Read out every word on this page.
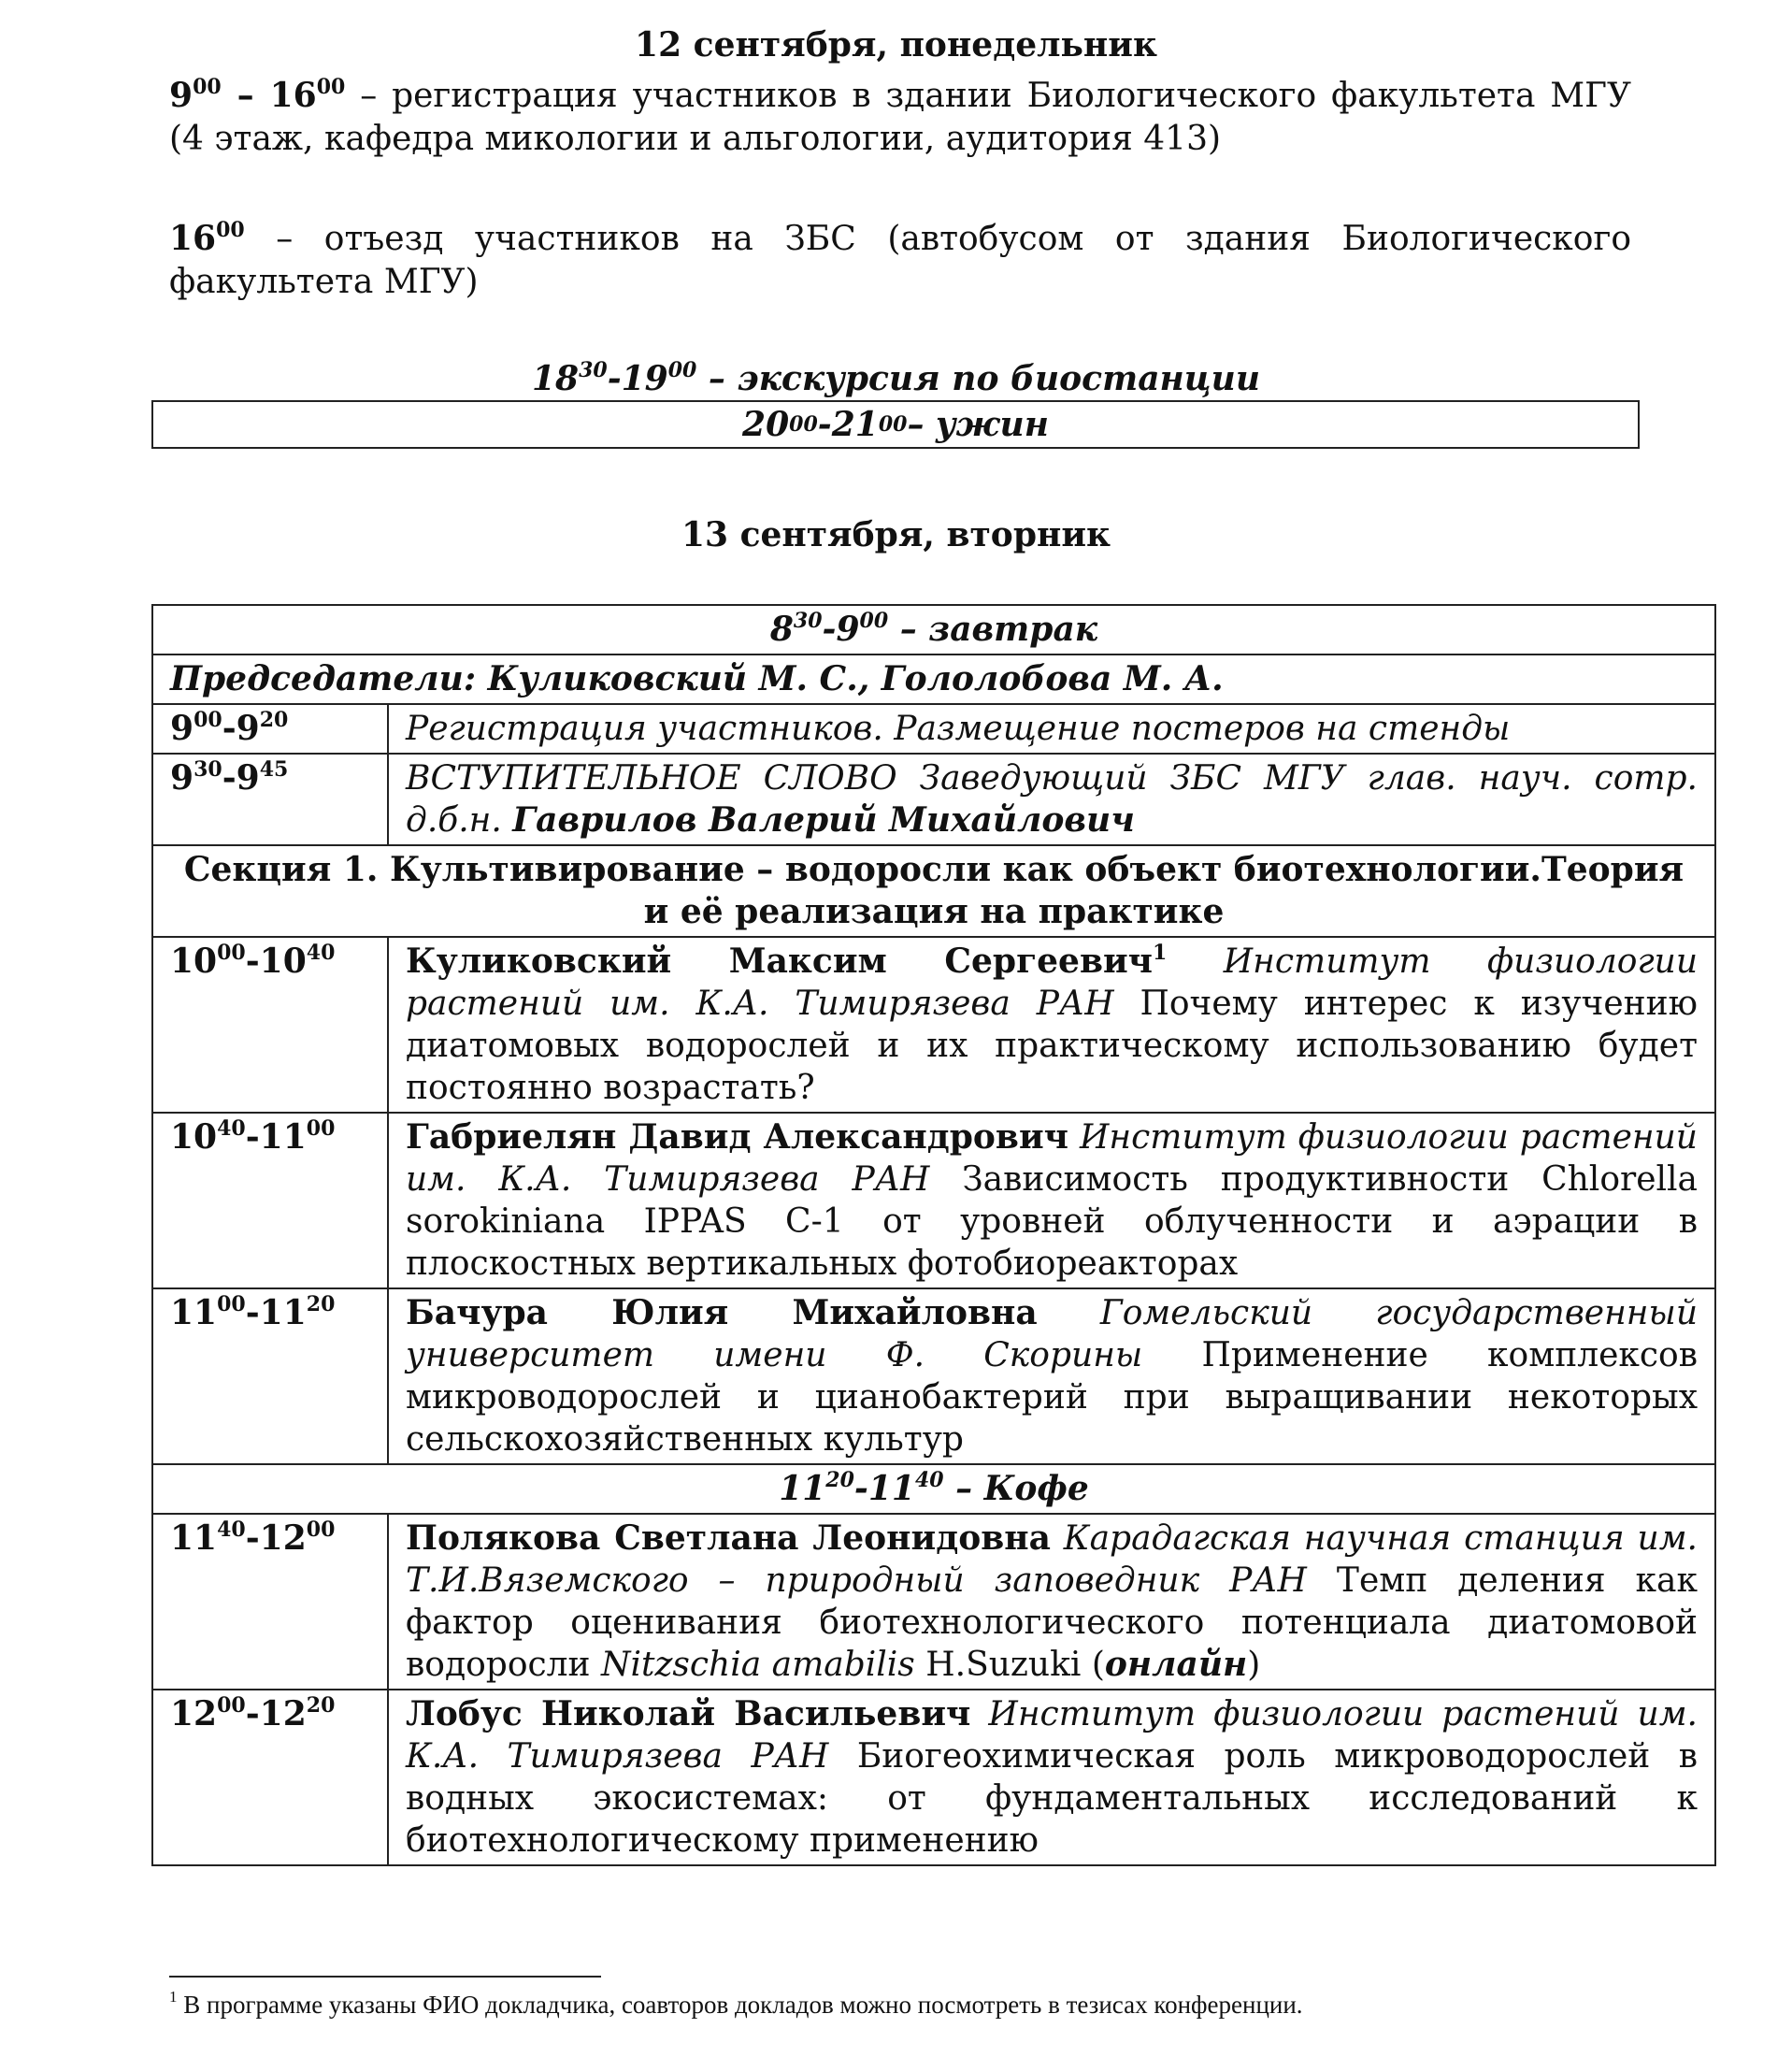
12 сентября, понедельник

$9^{00} - 16^{00}$ – регистрация участников в здании Биологического факультета МГУ (4 этаж, кафедра микологии и альгологии, аудитория 413)

$16^{00}$ – отъезд участников на ЗБС (автобусом от здания Биологического факультета МГУ)

$18^{30}-19^{00}$ – экскурсия по биостанции

20 00 -21 00 – ужин
13 сентября, вторник
$8^{30}-9^{00}$ – завтрак	
Председатели: Куликовский М. С., Гололобова М. А.	
$9^{00}-9^{20}$	Регистрация участников. Размещение постеров на стенды
$9^{30}-9^{45}$	ВСТУПИТЕЛЬНОЕ СЛОВО Заведующий ЗБС МГУ глав. науч. сотр. д.б.н. Гаврилов Валерий Михайлович
Секция 1. Культивирование – водоросли как объект биотехнологии.Теория и её реализация на практике	
$10^{00}-10^{40}$	Куликовский Максим Сергеевич$^1$ Институт физиологии растений им. К.А. Тимирязева РАН Почему интерес к изучению диатомовых водорослей и их практическому использованию будет постоянно возрастать?
$10^{40}-11^{00}$	Габриелян Давид Александрович Институт физиологии растений им. К.А. Тимирязева РАН Зависимость продуктивности Chlorella sorokiniana IPPAS C-1 от уровней облученности и аэрации в плоскостных вертикальных фотобиореакторах
$11^{00}-11^{20}$	Бачура Юлия Михайловна Гомельский государственный университет имени Ф. Скорины Применение комплексов микроводорослей и цианобактерий при выращивании некоторых сельскохозяйственных культур
$11^{20}-11^{40}$ – Кофе	
$11^{40}-12^{00}$	Полякова Светлана Леонидовна Карадагская научная станция им. Т.И.Вяземского – природный заповедник РАН Темп деления как фактор оценивания биотехнологического потенциала диатомовой водоросли Nitzschia amabilis H.Suzuki (онлайн)
$12^{00}-12^{20}$	Лобус Николай Васильевич Институт физиологии растений им. К.А. Тимирязева РАН Биогеохимическая роль микроводорослей в водных экосистемах: от фундаментальных исследований к биотехнологическому применению

$^1$ В программе указаны ФИО докладчика, соавторов докладов можно посмотреть в тезисах конференции.
